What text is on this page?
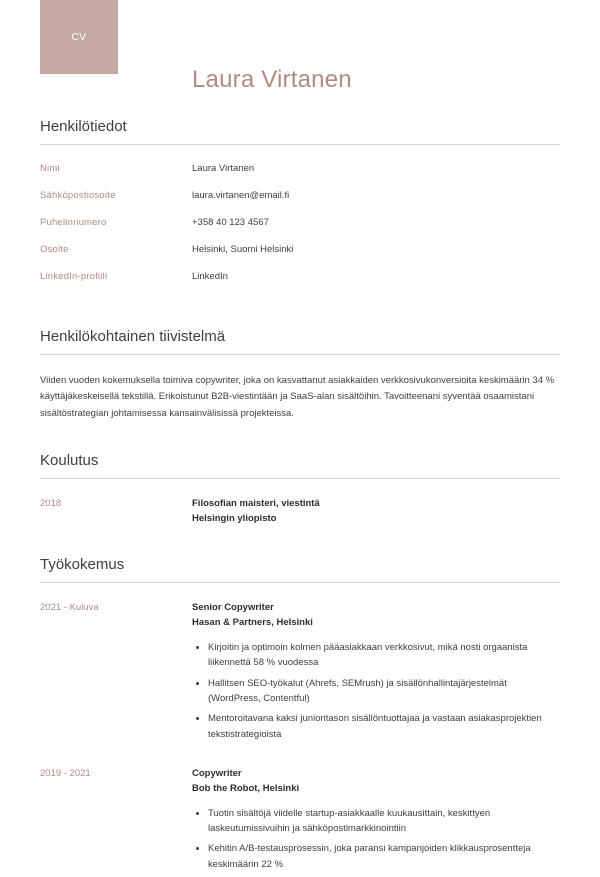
CV
Laura Virtanen
Henkilötiedot
Nimi	Laura Virtanen
Sähköpostiosoite	laura.virtanen@email.fi
Puhelinnumero	+358 40 123 4567
Osoite	Helsinki, Suomi Helsinki
LinkedIn-profiili	LinkedIn
Henkilökohtainen tiivistelmä

Viiden vuoden kokemuksella toimiva copywriter, joka on kasvattanut asiakkaiden verkkosivukonversioita keskimäärin 34 % käyttäjäkeskeisellä tekstillä. Erikoistunut B2B-viestintään ja SaaS-alan sisältöihin. Tavoitteenani syventää osaamistani sisältöstrategian johtamisessa kansainvälisissä projekteissa.

Koulutus
2018	Filosofian maisteri, viestintä
Helsingin yliopisto
Työkokemus
2021 - Kuluva	Senior Copywriter
Hasan & Partners, Helsinki
• Kirjoitin ja optimoin kolmen pääasiakkaan verkkosivut, mikä nosti orgaanista liikennettä 58 % vuodessa
• Hallitsen SEO-työkalut (Ahrefs, SEMrush) ja sisällönhallintajärjestelmät (WordPress, Contentful)
• Mentoroitavana kaksi junioritason sisällöntuottajaa ja vastaan asiakasprojektien tekstistrategioista
2019 - 2021	Copywriter
Bob the Robot, Helsinki
• Tuotin sisältöjä viidelle startup-asiakkaalle kuukausittain, keskittyen laskeutumissivuihin ja sähköpostimarkkinointiin
• Kehitin A/B-testausprosessin, joka paransi kampanjoiden klikkausprosentteja keskimäärin 22 %
